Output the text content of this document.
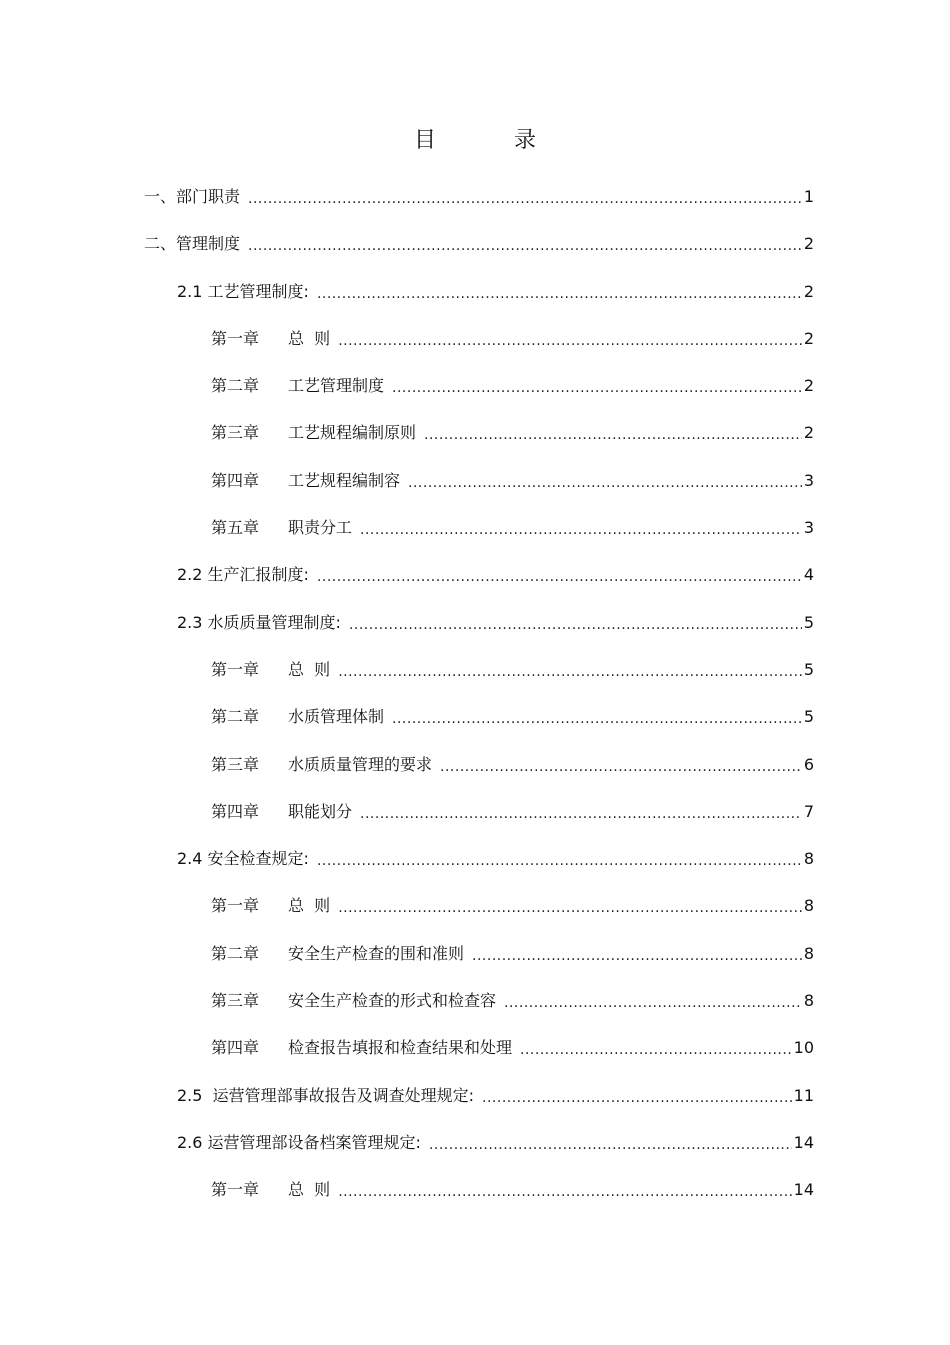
目　录
一、部门职责 .....	1
二、管理制度 .....	2
2.1 工艺管理制度: .....	2
第一章 总  则 .....	2
第二章 工艺管理制度 .....	2
第三章 工艺规程编制原则 .....	2
第四章 工艺规程编制容 .....	3
第五章 职责分工 .....	3
2.2 生产汇报制度: .....	4
2.3 水质质量管理制度: .....	5
第一章 总  则 .....	5
第二章 水质管理体制 .....	5
第三章 水质质量管理的要求 .....	6
第四章 职能划分 .....	7
2.4 安全检查规定: .....	8
第一章 总  则 .....	8
第二章 安全生产检查的围和准则 .....	8
第三章 安全生产检查的形式和检查容 .....	8
第四章 检查报告填报和检查结果和处理 .....	10
2.5  运营管理部事故报告及调查处理规定: .....	11
2.6 运营管理部设备档案管理规定: .....	14
第一章 总  则 .....	14
